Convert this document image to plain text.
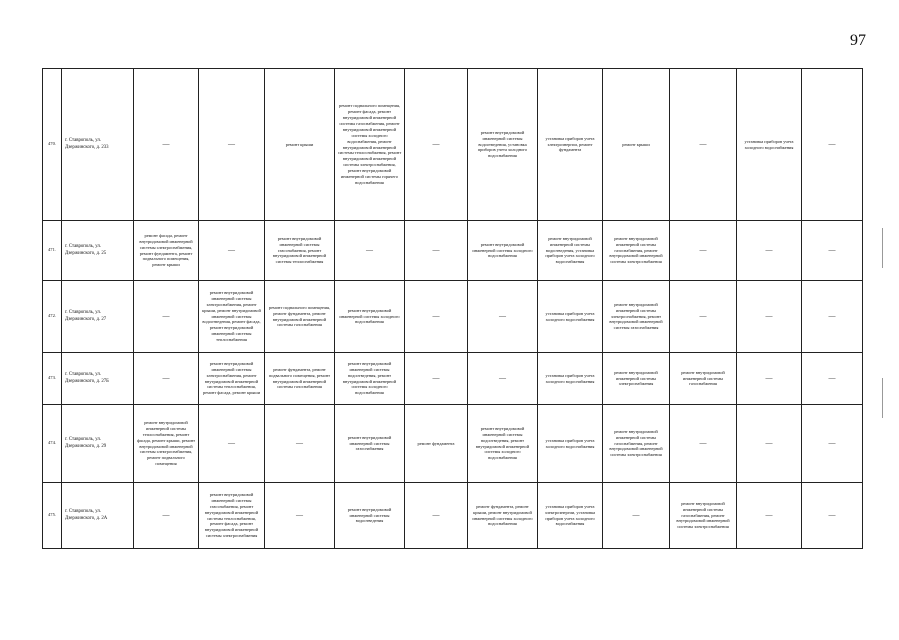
97
470.	г. Ставрополь, ул. Дзержинского, д. 233	—	—	ремонт крыши	ремонт подвального помещения, ремонт фасада, ремонт внутридомовой инженерной системы газоснабжения, ремонт внутридомовой инженерной системы холодного водоснабжения, ремонт внутридомовой инженерной системы теплоснабжения, ремонт внутридомовой инженерной системы электроснабжения, ремонт внутридомовой инженерной системы горячего водоснабжения	—	ремонт внутридомовой инженерной системы водоотведения, установка приборов учета холодного водоснабжения	установка приборов учета электроэнергии, ремонт фундамента	ремонт крыши	—	установка приборов учета холодного водоснабжения	—
471.	г. Ставрополь, ул. Дзержинского, д. 25	ремонт фасада, ремонт внутридомовой инженерной системы электроснабжения, ремонт фундамента, ремонт подвального помещения, ремонт крыши	—	ремонт внутридомовой инженерной системы газоснабжения, ремонт внутридомовой инженерной системы теплоснабжения	—	—	ремонт внутридомовой инженерной системы холодного водоснабжения	ремонт внутридомовой инженерной системы водоотведения, установка приборов учета холодного водоснабжения	ремонт внутридомовой инженерной системы газоснабжения, ремонт внутридомовой инженерной системы электроснабжения	—	—	—
472.	г. Ставрополь, ул. Дзержинского, д. 27	—	ремонт внутридомовой инженерной системы электроснабжения, ремонт крыши, ремонт внутридомовой инженерной системы водоотведения, ремонт фасада, ремонт внутридомовой инженерной системы теплоснабжения	ремонт подвального помещения, ремонт фундамента, ремонт внутридомовой инженерной системы газоснабжения	ремонт внутридомовой инженерной системы холодного водоснабжения	—	—	установка приборов учета холодного водоснабжения	ремонт внутридомовой инженерной системы электроснабжения, ремонт внутридомовой инженерной системы газоснабжения	—	—	—
473.	г. Ставрополь, ул. Дзержинского, д. 27Б	—	ремонт внутридомовой инженерной системы электроснабжения, ремонт внутридомовой инженерной системы теплоснабжения, ремонт фасада, ремонт крыши	ремонт фундамента, ремонт подвального помещения, ремонт внутридомовой инженерной системы газоснабжения	ремонт внутридомовой инженерной системы водоотведения, ремонт внутридомовой инженерной системы холодного водоснабжения	—	—	установка приборов учета холодного водоснабжения	ремонт внутридомовой инженерной системы электроснабжения	ремонт внутридомовой инженерной системы газоснабжения	—	—
474.	г. Ставрополь, ул. Дзержинского, д. 29	ремонт внутридомовой инженерной системы теплоснабжения, ремонт фасада, ремонт крыши, ремонт внутридомовой инженерной системы электроснабжения, ремонт подвального помещения	—	—	ремонт внутридомовой инженерной системы газоснабжения	ремонт фундамента	ремонт внутридомовой инженерной системы водоотведения, ремонт внутридомовой инженерной системы холодного водоснабжения	установка приборов учета холодного водоснабжения	ремонт внутридомовой инженерной системы газоснабжения, ремонт внутридомовой инженерной системы электроснабжения	—	—	—
475.	г. Ставрополь, ул. Дзержинского, д. 2А	—	ремонт внутридомовой инженерной системы газоснабжения, ремонт внутридомовой инженерной системы теплоснабжения, ремонт фасада, ремонт внутридомовой инженерной системы электроснабжения	—	ремонт внутридомовой инженерной системы водоотведения	—	ремонт фундамента, ремонт крыши, ремонт внутридомовой инженерной системы холодного водоснабжения	установка приборов учета электроэнергии, установка приборов учета холодного водоснабжения	—	ремонт внутридомовой инженерной системы газоснабжения, ремонт внутридомовой инженерной системы электроснабжения	—	—
